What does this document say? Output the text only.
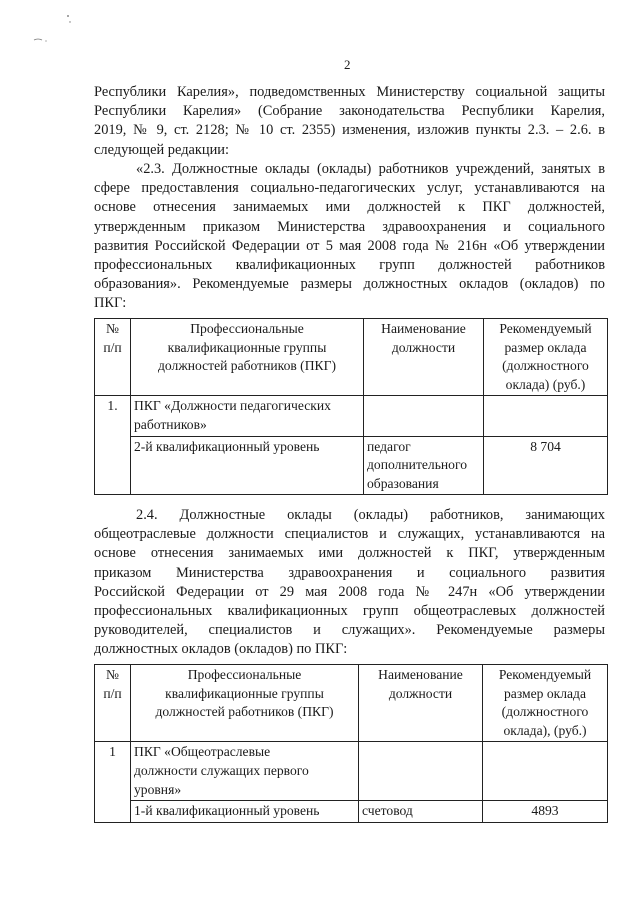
2
Республики Карелия», подведомственных Министерству социальной защиты
Республики Карелия» (Собрание законодательства Республики Карелия,
2019, № 9, ст. 2128; № 10 ст. 2355) изменения, изложив пункты 2.3. – 2.6. в
следующей редакции:
«2.3. Должностные оклады (оклады) работников учреждений, занятых в
сфере предоставления социально-педагогических услуг, устанавливаются на
основе отнесения занимаемых ими должностей к ПКГ должностей,
утвержденным приказом Министерства здравоохранения и социального
развития Российской Федерации от 5 мая 2008 года № 216н «Об утверждении
профессиональных квалификационных групп должностей работников
образования». Рекомендуемые размеры должностных окладов (окладов) по
ПКГ:
№
п/п	Профессиональные
квалификационные группы
должностей работников (ПКГ)	Наименование
должности	Рекомендуемый
размер оклада
(должностного
оклада) (руб.)

1.	ПКГ «Должности педагогических
работников»		

	2-й квалификационный уровень	педагог
дополнительного
образования	8 704
2.4. Должностные оклады (оклады) работников, занимающих
общеотраслевые должности специалистов и служащих, устанавливаются на
основе отнесения занимаемых ими должностей к ПКГ, утвержденным
приказом Министерства здравоохранения и социального развития
Российской Федерации от 29 мая 2008 года № 247н «Об утверждении
профессиональных квалификационных групп общеотраслевых должностей
руководителей, специалистов и служащих». Рекомендуемые размеры
должностных окладов (окладов) по ПКГ:
№
п/п	Профессиональные
квалификационные группы
должностей работников (ПКГ)	Наименование
должности	Рекомендуемый
размер оклада
(должностного
оклада), (руб.)

1	ПКГ «Общеотраслевые
должности служащих первого
уровня»		

	1-й квалификационный уровень	счетовод	4893
